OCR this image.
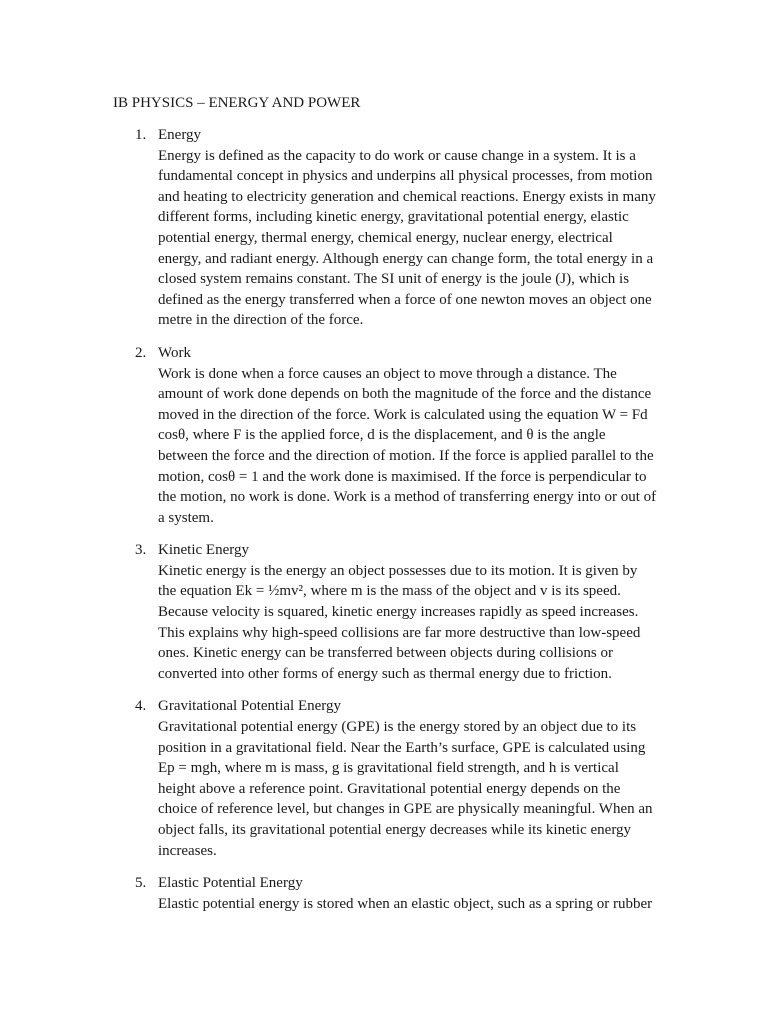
IB PHYSICS – ENERGY AND POWER
1. Energy
Energy is defined as the capacity to do work or cause change in a system. It is a fundamental concept in physics and underpins all physical processes, from motion and heating to electricity generation and chemical reactions. Energy exists in many different forms, including kinetic energy, gravitational potential energy, elastic potential energy, thermal energy, chemical energy, nuclear energy, electrical energy, and radiant energy. Although energy can change form, the total energy in a closed system remains constant. The SI unit of energy is the joule (J), which is defined as the energy transferred when a force of one newton moves an object one metre in the direction of the force.
2. Work
Work is done when a force causes an object to move through a distance. The amount of work done depends on both the magnitude of the force and the distance moved in the direction of the force. Work is calculated using the equation W = Fd cosθ, where F is the applied force, d is the displacement, and θ is the angle between the force and the direction of motion. If the force is applied parallel to the motion, cosθ = 1 and the work done is maximised. If the force is perpendicular to the motion, no work is done. Work is a method of transferring energy into or out of a system.
3. Kinetic Energy
Kinetic energy is the energy an object possesses due to its motion. It is given by the equation Ek = ½mv², where m is the mass of the object and v is its speed. Because velocity is squared, kinetic energy increases rapidly as speed increases. This explains why high-speed collisions are far more destructive than low-speed ones. Kinetic energy can be transferred between objects during collisions or converted into other forms of energy such as thermal energy due to friction.
4. Gravitational Potential Energy
Gravitational potential energy (GPE) is the energy stored by an object due to its position in a gravitational field. Near the Earth’s surface, GPE is calculated using Ep = mgh, where m is mass, g is gravitational field strength, and h is vertical height above a reference point. Gravitational potential energy depends on the choice of reference level, but changes in GPE are physically meaningful. When an object falls, its gravitational potential energy decreases while its kinetic energy increases.
5. Elastic Potential Energy
Elastic potential energy is stored when an elastic object, such as a spring or rubber
